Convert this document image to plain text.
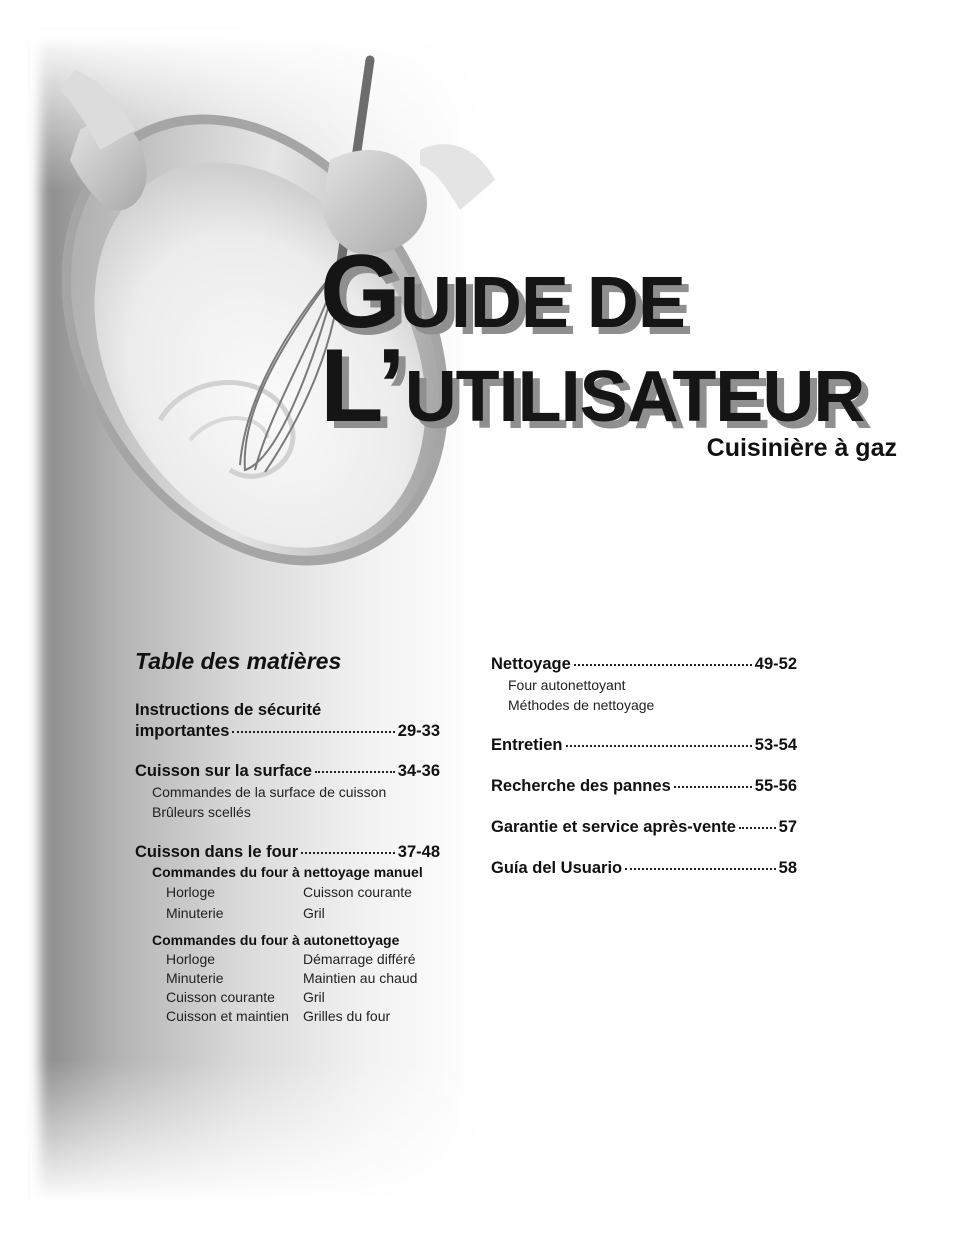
GUIDE DE
L’UTILISATEUR
Cuisinière à gaz
Table des matières
Instructions de sécurité
importantes	29-33
Cuisson sur la surface	34-36
Commandes de la surface de cuisson
Brûleurs scellés
Cuisson dans le four	37-48
Commandes du four à nettoyage manuel
Horloge	Cuisson courante
Minuterie	Gril
Commandes du four à autonettoyage
Horloge	Démarrage différé
Minuterie	Maintien au chaud
Cuisson courante	Gril
Cuisson et maintien	Grilles du four
Nettoyage	49-52
Four autonettoyant
Méthodes de nettoyage
Entretien	53-54
Recherche des pannes	55-56
Garantie et service après-vente	57
Guía del Usuario	58
